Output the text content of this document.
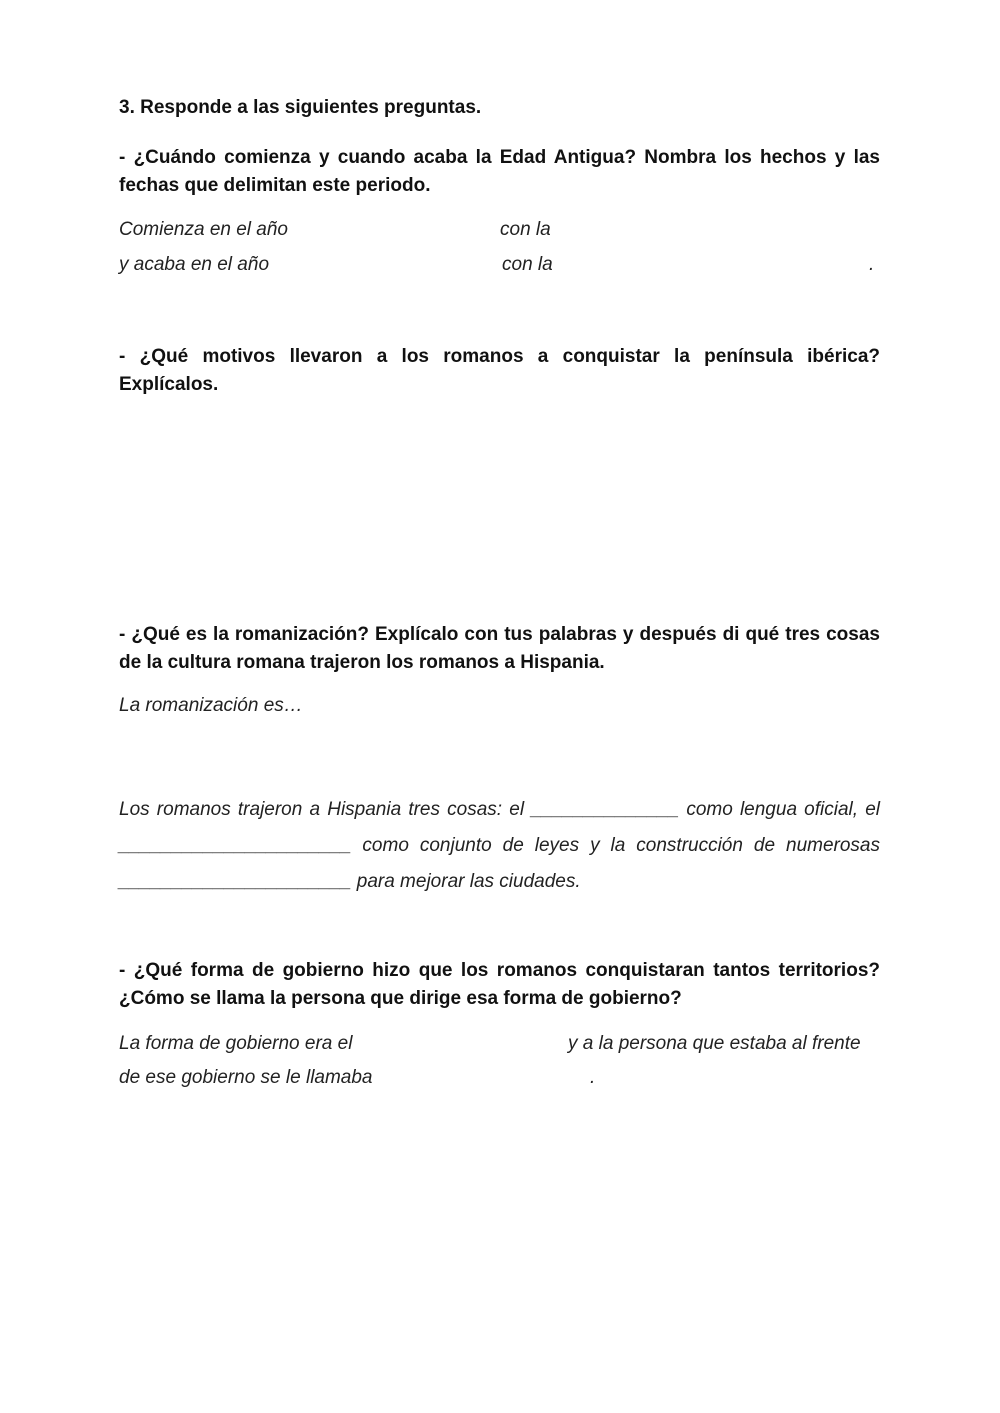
3. Responde a las siguientes preguntas.
- ¿Cuándo comienza y cuando acaba la Edad Antigua? Nombra los hechos y las fechas que delimitan este periodo.
Comienza en el año	con la
y acaba en el año	con la	.
- ¿Qué motivos llevaron a los romanos a conquistar la península ibérica? Explícalos.
- ¿Qué es la romanización? Explícalo con tus palabras y después di qué tres cosas de la cultura romana trajeron los romanos a Hispania.
La romanización es…
Los romanos trajeron a Hispania tres cosas: el ______________ como lengua oficial, el ______________________ como conjunto de leyes y la construcción de numerosas ______________________ para mejorar las ciudades.
- ¿Qué forma de gobierno hizo que los romanos conquistaran tantos territorios? ¿Cómo se llama la persona que dirige esa forma de gobierno?
La forma de gobierno era el	y a la persona que estaba al frente
de ese gobierno se le llamaba	.
